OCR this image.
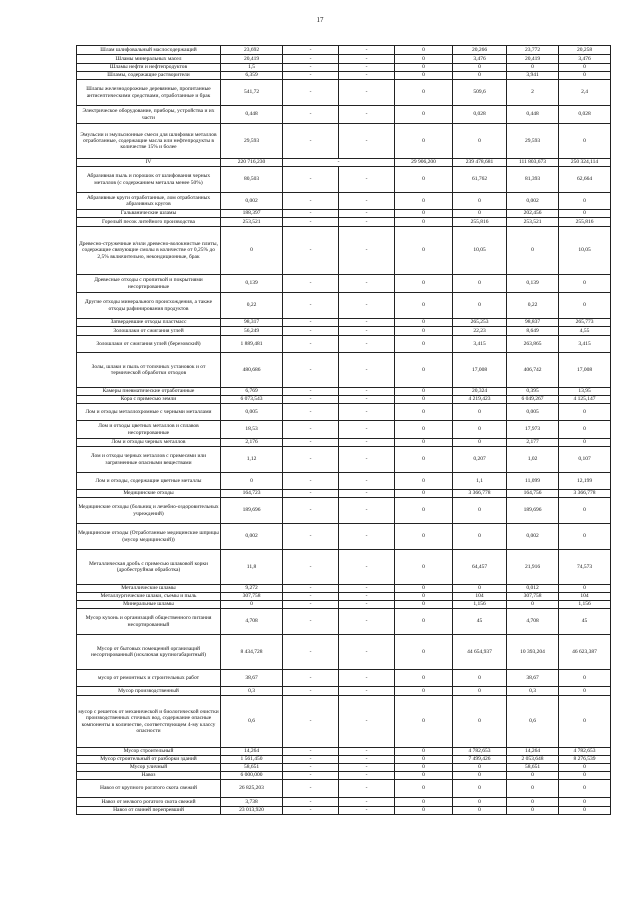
17
Шлам шлифовальный маслосодержащий	23,692	-	-	0	20,266	23,772	20,258
Шламы минеральных масел	20,419	-	-	0	3,476	20,419	3,476
Шламы нефти и нефтепродуктов	1,5	-	-	0	0	0	0
Шламы, содержащие растворители	6,359	-	-	0	0	3,941	0
Шлапы железнодорожные деревянные, пропитанные антисептическими средствами, отработанные и брак	541,72	-	-	0	509,6	2	2,4
Электрическое оборудование, приборы, устройства и их части	0,448	-	-	0	0,028	0,448	0,028
Эмульсии и эмульсионные смеси для шлифовки металлов отработанные, содержащие масла или нефтепродукты в количестве 15% и более	29,593	-	-	0	0	29,593	0
IV	220 716,230	-		29 906,200	239 478,681	111 803,673	250 324,114
Абразивная пыль и порошок от шлифования черных металлов (с содержанием металла менее 50%)	80,503	-	-	0	61,762	81,393	62,664
Абразивные круги отработанные, лом отработанных абразивных кругов	0,002	-	-	0	0	0,002	0
Гальванические шламы	188,397	-	-	0	0	202,456	0
Горелый песок литейного производства	253,521	-	-	0	255,816	253,521	255,816
Древесно-стружечные и/или древесно-волокнистые плиты, содержащие связующие смолы в количестве от 0,25% до 2,5% включительно, некондиционные, брак	0	-	-	0	10,05	0	10,05
Древесные отходы с пропиткой и покрытиями несортированные	0,139	-	-	0	0	0,139	0
Другие отходы минерального происхождения, а также отходы рафинирования продуктов	0,22	-	-	0	0	0,22	0
Затвердевшие отходы пластмасс	98,317	-	-	0	265,253	98,837	265,773
Золошлаки от сжигания углей	56,249	-	-	0	22,23	8,649	4,55
Золошлаки от сжигания углей (березовский)	1 889,481	-	-	0	3,415	263,865	3,415
Золы, шлаки и пыль от топочных установок и от термической обработки отходов	480,686	-	-	0	17,008	406,742	17,008
Камеры пневматические отработанные	6,769	-	-	0	20,324	0,395	13,95
Кора с примесью земли	6 073,543	-	-	0	4 219,423	6 049,267	4 125,147
Лом и отходы металлохромные с черными металлами	0,005	-	-	0	0	0,005	0
Лом и отходы цветных металлов и сплавов несортированные	18,53	-	-	0	0	17,973	0
Лом и отходы черных металлов	2,176	-	-	0	0	2,177	0
Лом и отходы черных металлов с примесями или загрязненные опасными веществами	1,12	-	-	0	0,207	1,02	0,107
Лом и отходы, содержащие цветные металлы	0	-	-	0	1,1	11,099	12,199
Медицинские отходы	164,723	-	-	0	3 366,778	164,756	3 366,778
Медицинские отходы (больниц и лечебно-оздоровительных учреждений)	189,696	-	-	0	0	189,696	0
Медицинские отходы (Отработанные медицинские шприцы (мусор медицинский))	0,002	-	-	0	0	0,002	0
Металлическая дробь с примесью шлаковой корки (дробеструйная обработка)	11,8	-	-	0	64,457	21,916	74,573
Металлические шламы	9,272	-	-	0	0	0,012	0
Металлургические шлаки, съемы и пыль	307,758	-	-	0	104	307,758	104
Минеральные шламы	0	-	-	0	1,156	0	1,156
Мусор кухонь и организаций общественного питания несортированный	4,708	-	-	0	45	4,708	45
Мусор от бытовых помещений организаций несортированный (исключая крупногабаритный)	8 434,728	-	-	0	44 654,937	10 393,204	46 623,387
мусор от ремонтных и строительных работ	38,67	-	-	0	0	38,67	0
Мусор производственный	0,3	-	-	0	0	0,3	0
мусор с решеток от механической и биологической очистки производственных сточных вод, содержание опасные компоненты в количестве, соответствующем 4-му классу опасности	0,6	-	-	0	0	0,6	0
Мусор строительный	14,264	-	-	0	4 782,653	14,264	4 782,653
Мусор строительный от разборки зданий	1 561,450	-	-	0	7 499,426	2 053,648	8 276,539
Мусор уличный	58,651	-	-	0	0	58,651	0
Навоз	6 000,000	-	-	0	0	0	0
Навоз от крупного рогатого скота свежий	26 825,203	-	-	0	0	0	0
Навоз от мелкого рогатого скота свежий	3,738	-	-	0	0	0	0
Навоз от свиней перепревший	23 013,920	-	-	0	0	0	0
